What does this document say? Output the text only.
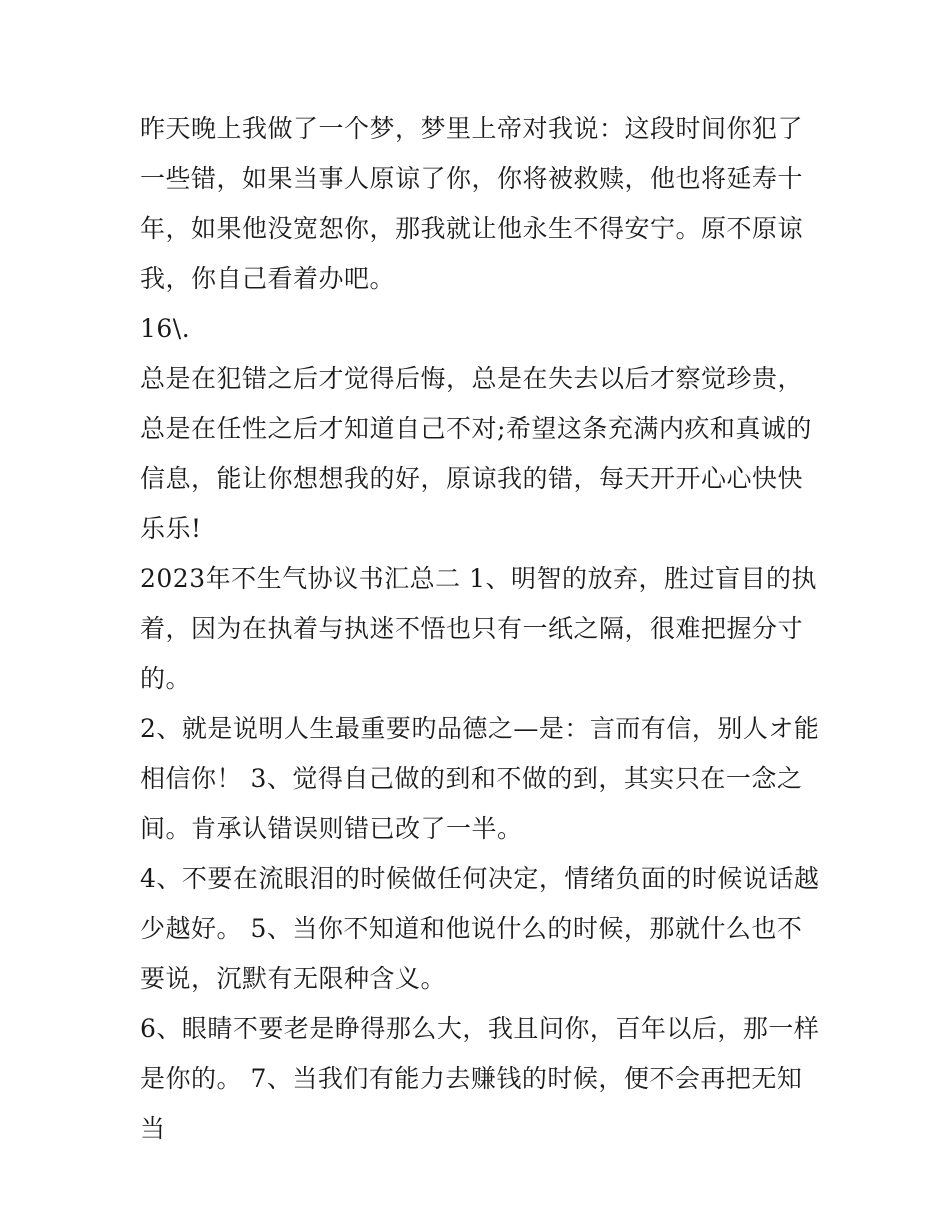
昨天晚上我做了一个梦，梦里上帝对我说：这段时间你犯了一些错，如果当事人原谅了你，你将被救赎，他也将延寿十年，如果他没宽恕你，那我就让他永生不得安宁。原不原谅我，你自己看着办吧。

16\.

总是在犯错之后才觉得后悔，总是在失去以后才察觉珍贵，总是在任性之后才知道自己不对;希望这条充满内疚和真诚的信息，能让你想想我的好，原谅我的错，每天开开心心快快乐乐!

2023年不生气协议书汇总二 1、明智的放弃，胜过盲目的执着，因为在执着与执迷不悟也只有一纸之隔，很难把握分寸的。

2、就是说明人生最重要旳品德之—是：言而有信，别人オ能相信你！ 3、觉得自己做的到和不做的到，其实只在一念之间。肯承认错误则错已改了一半。

4、不要在流眼泪的时候做任何决定，情绪负面的时候说话越少越好。 5、当你不知道和他说什么的时候，那就什么也不要说，沉默有无限种含义。

6、眼睛不要老是睁得那么大，我且问你，百年以后，那一样是你的。 7、当我们有能力去赚钱的时候，便不会再把无知当
